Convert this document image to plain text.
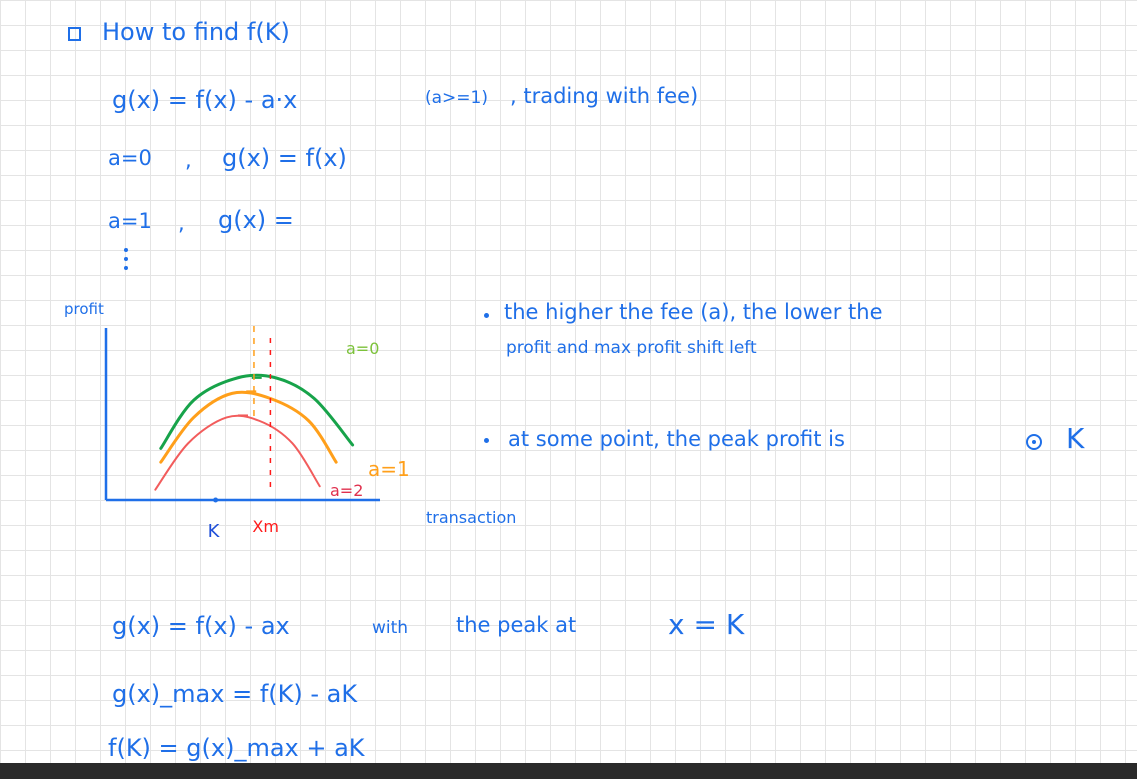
How to find f(K)
g(x) = f(x) - a·x	(a>=1) , trading with fee)
a=0 , g(x) = f(x)
a=1 , g(x) =
profit
transaction
a=0
a=1
a=2
K Xm
the higher the fee (a), the lower the
profit and max profit shift left
at some point, the peak profit is	K
g(x) = f(x) - ax	with the peak at	x = K
g(x)_max = f(K) - aK
f(K) = g(x)_max + aK
